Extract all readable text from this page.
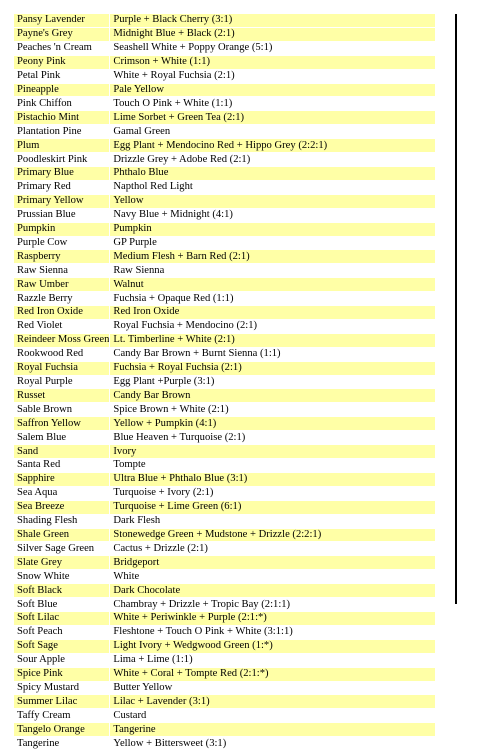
Pansy Lavender	Purple + Black Cherry (3:1)
Payne's Grey	Midnight Blue + Black (2:1)
Peaches 'n Cream	Seashell White + Poppy Orange (5:1)
Peony Pink	Crimson + White (1:1)
Petal Pink	White + Royal Fuchsia (2:1)
Pineapple	Pale Yellow
Pink Chiffon	Touch O Pink + White (1:1)
Pistachio Mint	Lime Sorbet + Green Tea (2:1)
Plantation Pine	Gamal Green
Plum	Egg Plant + Mendocino Red + Hippo Grey (2:2:1)
Poodleskirt Pink	Drizzle Grey + Adobe Red (2:1)
Primary Blue	Phthalo Blue
Primary Red	Napthol Red Light
Primary Yellow	Yellow
Prussian Blue	Navy Blue + Midnight (4:1)
Pumpkin	Pumpkin
Purple Cow	GP Purple
Raspberry	Medium Flesh + Barn Red (2:1)
Raw Sienna	Raw Sienna
Raw Umber	Walnut
Razzle Berry	Fuchsia + Opaque Red (1:1)
Red Iron Oxide	Red Iron Oxide
Red Violet	Royal Fuchsia + Mendocino (2:1)
Reindeer Moss Green	Lt. Timberline + White (2:1)
Rookwood Red	Candy Bar Brown + Burnt Sienna (1:1)
Royal Fuchsia	Fuchsia + Royal Fuchsia (2:1)
Royal Purple	Egg Plant +Purple (3:1)
Russet	Candy Bar Brown
Sable Brown	Spice Brown + White (2:1)
Saffron Yellow	Yellow + Pumpkin (4:1)
Salem Blue	Blue Heaven + Turquoise (2:1)
Sand	Ivory
Santa Red	Tompte
Sapphire	Ultra Blue + Phthalo Blue (3:1)
Sea Aqua	Turquoise + Ivory (2:1)
Sea Breeze	Turquoise + Lime Green (6:1)
Shading Flesh	Dark Flesh
Shale Green	Stonewedge Green + Mudstone + Drizzle (2:2:1)
Silver Sage Green	Cactus + Drizzle (2:1)
Slate Grey	Bridgeport
Snow White	White
Soft Black	Dark Chocolate
Soft Blue	Chambray + Drizzle + Tropic Bay (2:1:1)
Soft Lilac	White + Periwinkle + Purple (2:1:*)
Soft Peach	Fleshtone + Touch O Pink + White (3:1:1)
Soft Sage	Light Ivory + Wedgwood Green (1:*)
Sour Apple	Lima + Lime (1:1)
Spice Pink	White + Coral + Tompte Red (2:1:*)
Spicy Mustard	Butter Yellow
Summer Lilac	Lilac + Lavender (3:1)
Taffy Cream	Custard
Tangelo Orange	Tangerine
Tangerine	Yellow + Bittersweet (3:1)
